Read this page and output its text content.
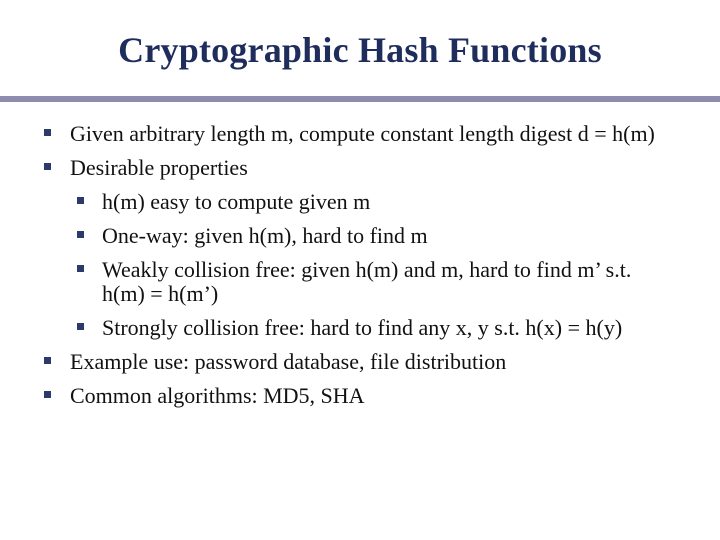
Cryptographic Hash Functions
Given arbitrary length m, compute constant length digest d = h(m)
Desirable properties
h(m) easy to compute given m
One-way: given h(m), hard to find m
Weakly collision free: given h(m) and m, hard to find m’ s.t. h(m) = h(m’)
Strongly collision free: hard to find any x, y s.t. h(x) = h(y)
Example use: password database, file distribution
Common algorithms: MD5, SHA
